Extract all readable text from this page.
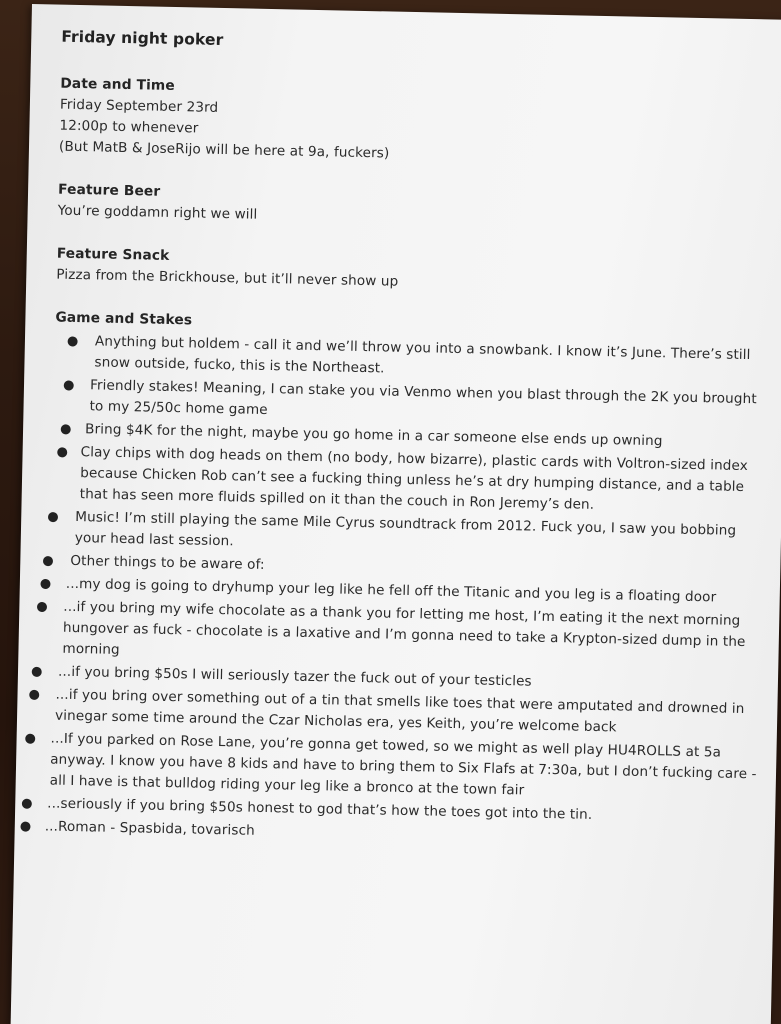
Friday night poker

Date and Time

Friday September 23rd

12:00p to whenever

(But MatB & JoseRijo will be here at 9a, fuckers)

Feature Beer

You’re goddamn right we will

Feature Snack

Pizza from the Brickhouse, but it’ll never show up

Game and Stakes

● Anything but holdem - call it and we’ll throw you into a snowbank. I know it’s June. There’s still snow outside, fucko, this is the Northeast.
● Friendly stakes! Meaning, I can stake you via Venmo when you blast through the 2K you brought to my 25/50c home game
● Bring $4K for the night, maybe you go home in a car someone else ends up owning
● Clay chips with dog heads on them (no body, how bizarre), plastic cards with Voltron-sized index because Chicken Rob can’t see a fucking thing unless he’s at dry humping distance, and a table that has seen more fluids spilled on it than the couch in Ron Jeremy’s den.
● Music! I’m still playing the same Mile Cyrus soundtrack from 2012. Fuck you, I saw you bobbing your head last session.
● Other things to be aware of:
● ...my dog is going to dryhump your leg like he fell off the Titanic and you leg is a floating door
● ...if you bring my wife chocolate as a thank you for letting me host, I’m eating it the next morning hungover as fuck - chocolate is a laxative and I’m gonna need to take a Krypton-sized dump in the morning
● ...if you bring $50s I will seriously tazer the fuck out of your testicles
● ...if you bring over something out of a tin that smells like toes that were amputated and drowned in vinegar some time around the Czar Nicholas era, yes Keith, you’re welcome back
● ...If you parked on Rose Lane, you’re gonna get towed, so we might as well play HU4ROLLS at 5a anyway. I know you have 8 kids and have to bring them to Six Flafs at 7:30a, but I don’t fucking care - all I have is that bulldog riding your leg like a bronco at the town fair
● ...seriously if you bring $50s honest to god that’s how the toes got into the tin.
● ...Roman - Spasbida, tovarisch
